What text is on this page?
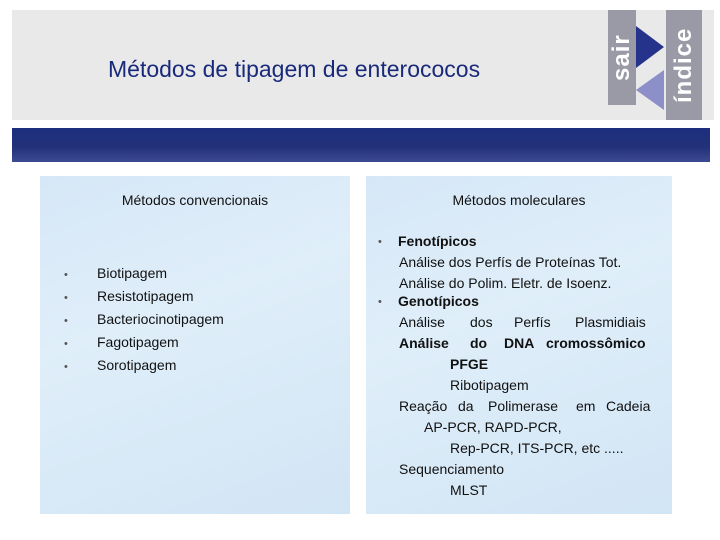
Métodos de tipagem de enterococos	sair índice
Métodos convencionais
• Biotipagem
• Resistotipagem
• Bacteriocinotipagem
• Fagotipagem
• Sorotipagem
Métodos moleculares
• Fenotípicos
Análise dos Perfís de Proteínas Tot.
Análise do Polim. Eletr. de Isoenz.
• Genotípicos
Análise dos Perfís Plasmidiais
Análise do DNA cromossômico
PFGE
Ribotipagem
Reação da Polimerase em Cadeia
AP-PCR, RAPD-PCR,
Rep-PCR, ITS-PCR, etc .....
Sequenciamento
MLST
